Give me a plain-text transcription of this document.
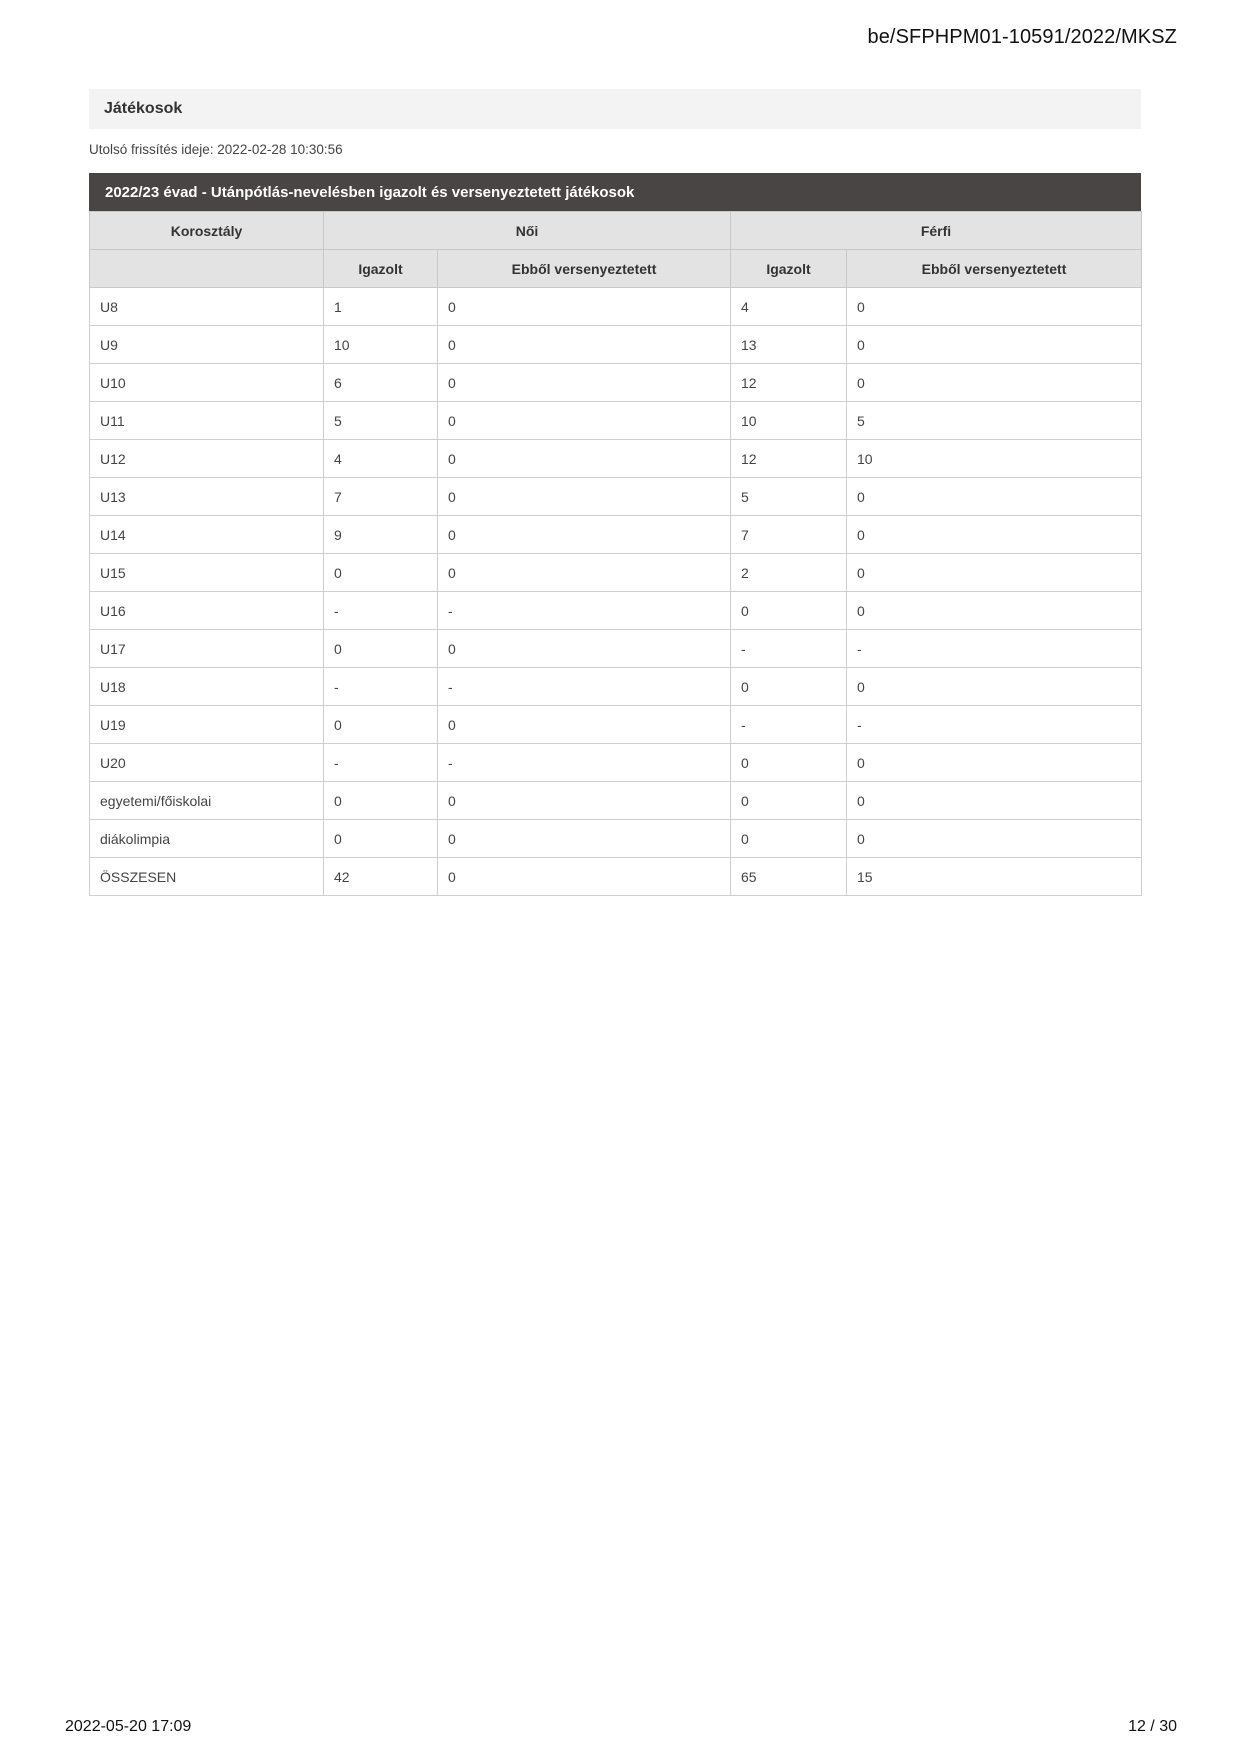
be/SFPHPM01-10591/2022/MKSZ
Játékosok
Utolsó frissítés ideje: 2022-02-28 10:30:56
2022/23 évad - Utánpótlás-nevelésben igazolt és versenyeztetett játékosok
Korosztály	Női		Férfi	
	Igazolt	Ebből versenyeztetett	Igazolt	Ebből versenyeztetett
U8	1	0	4	0
U9	10	0	13	0
U10	6	0	12	0
U11	5	0	10	5
U12	4	0	12	10
U13	7	0	5	0
U14	9	0	7	0
U15	0	0	2	0
U16	-	-	0	0
U17	0	0	-	-
U18	-	-	0	0
U19	0	0	-	-
U20	-	-	0	0
egyetemi/főiskolai	0	0	0	0
diákolimpia	0	0	0	0
ÖSSZESEN	42	0	65	15
2022-05-20 17:09	12 / 30
